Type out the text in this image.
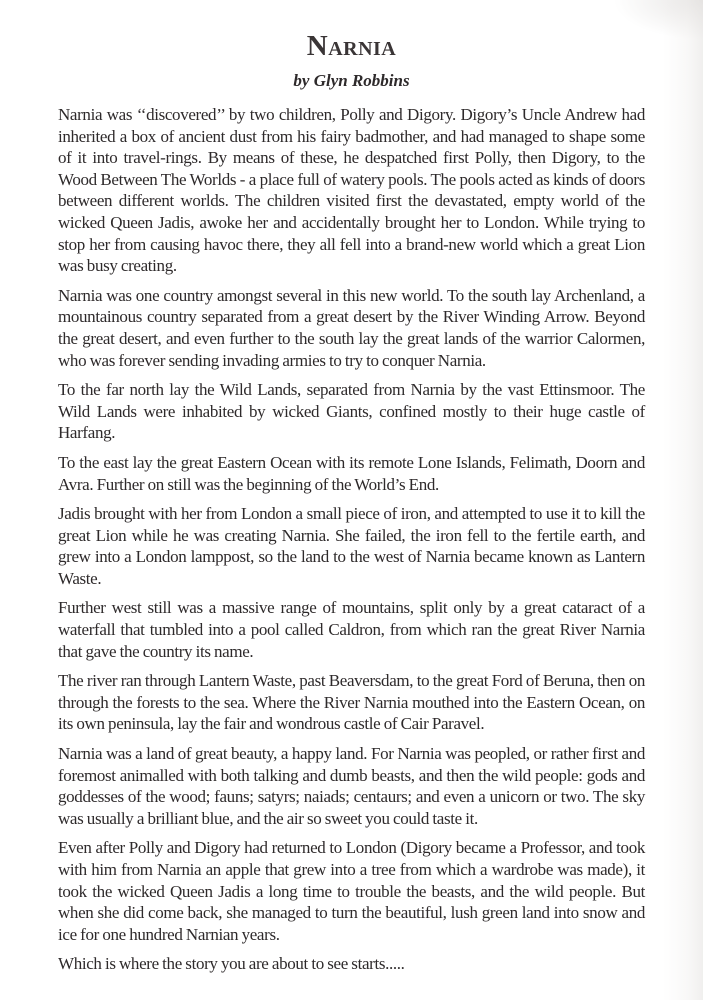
Narnia
by Glyn Robbins

Narnia was ‘‘discovered’’ by two children, Polly and Digory. Digory’s Uncle Andrew had inherited a box of ancient dust from his fairy badmother, and had managed to shape some of it into travel-rings. By means of these, he despatched first Polly, then Digory, to the Wood Between The Worlds - a place full of watery pools. The pools acted as kinds of doors between different worlds. The children visited first the devastated, empty world of the wicked Queen Jadis, awoke her and accidentally brought her to London. While trying to stop her from causing havoc there, they all fell into a brand-new world which a great Lion was busy creating.

Narnia was one country amongst several in this new world. To the south lay Archenland, a mountainous country separated from a great desert by the River Winding Arrow. Beyond the great desert, and even further to the south lay the great lands of the warrior Calormen, who was forever sending invading armies to try to conquer Narnia.

To the far north lay the Wild Lands, separated from Narnia by the vast Ettinsmoor. The Wild Lands were inhabited by wicked Giants, confined mostly to their huge castle of Harfang.

To the east lay the great Eastern Ocean with its remote Lone Islands, Felimath, Doorn and Avra. Further on still was the beginning of the World’s End.

Jadis brought with her from London a small piece of iron, and attempted to use it to kill the great Lion while he was creating Narnia. She failed, the iron fell to the fertile earth, and grew into a London lamppost, so the land to the west of Narnia became known as Lantern Waste.

Further west still was a massive range of mountains, split only by a great cataract of a waterfall that tumbled into a pool called Caldron, from which ran the great River Narnia that gave the country its name.

The river ran through Lantern Waste, past Beaversdam, to the great Ford of Beruna, then on through the forests to the sea. Where the River Narnia mouthed into the Eastern Ocean, on its own peninsula, lay the fair and wondrous castle of Cair Paravel.

Narnia was a land of great beauty, a happy land. For Narnia was peopled, or rather first and foremost animalled with both talking and dumb beasts, and then the wild people: gods and goddesses of the wood; fauns; satyrs; naiads; centaurs; and even a unicorn or two. The sky was usually a brilliant blue, and the air so sweet you could taste it.

Even after Polly and Digory had returned to London (Digory became a Professor, and took with him from Narnia an apple that grew into a tree from which a wardrobe was made), it took the wicked Queen Jadis a long time to trouble the beasts, and the wild people. But when she did come back, she managed to turn the beautiful, lush green land into snow and ice for one hundred Narnian years.

Which is where the story you are about to see starts.....
